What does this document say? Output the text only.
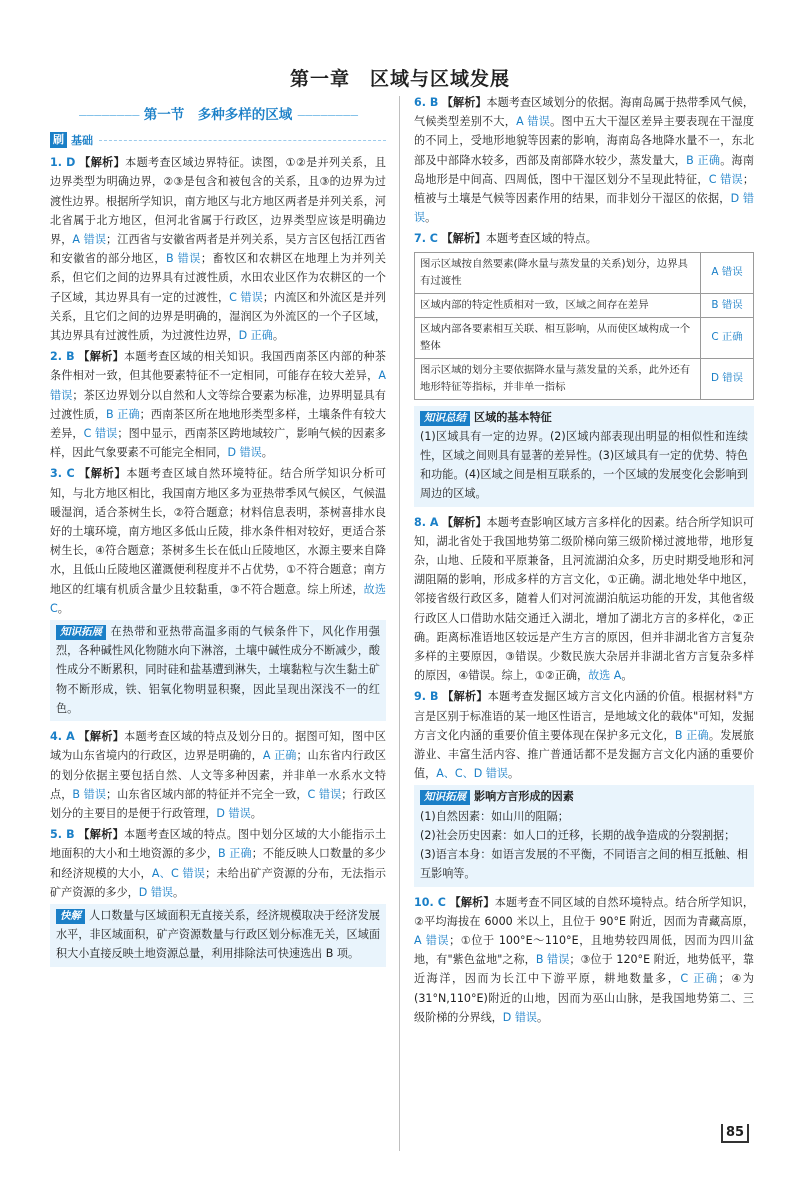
第一章　区域与区域发展
‒‒‒‒‒‒‒‒ 第一节　多种多样的区域 ‒‒‒‒‒‒‒‒
刷 基础

1. D 【解析】本题考查区域边界特征。读图，①②是并列关系，且边界类型为明确边界，②③是包含和被包含的关系，且③的边界为过渡性边界。根据所学知识，南方地区与北方地区两者是并列关系，河北省属于北方地区，但河北省属于行政区，边界类型应该是明确边界，A 错误；江西省与安徽省两者是并列关系，吴方言区包括江西省和安徽省的部分地区，B 错误；畜牧区和农耕区在地理上为并列关系，但它们之间的边界具有过渡性质，水田农业区作为农耕区的一个子区域，其边界具有一定的过渡性，C 错误；内流区和外流区是并列关系，且它们之间的边界是明确的，湿润区为外流区的一个子区域，其边界具有过渡性质，为过渡性边界，D 正确。

2. B 【解析】本题考查区域的相关知识。我国西南茶区内部的种茶条件相对一致，但其他要素特征不一定相同，可能存在较大差异，A 错误；茶区边界划分以自然和人文等综合要素为标准，边界明显具有过渡性质，B 正确；西南茶区所在地地形类型多样，土壤条件有较大差异，C 错误；图中显示，西南茶区跨地域较广，影响气候的因素多样，因此气象要素不可能完全相同，D 错误。

3. C 【解析】本题考查区域自然环境特征。结合所学知识分析可知，与北方地区相比，我国南方地区多为亚热带季风气候区，气候温暖湿润，适合茶树生长，②符合题意；材料信息表明，茶树喜排水良好的土壤环境，南方地区多低山丘陵，排水条件相对较好，更适合茶树生长，④符合题意；茶树多生长在低山丘陵地区，水源主要来自降水，且低山丘陵地区灌溉便利程度并不占优势，①不符合题意；南方地区的红壤有机质含量少且较黏重，③不符合题意。综上所述，故选 C。

知识拓展 在热带和亚热带高温多雨的气候条件下，风化作用强烈，各种碱性风化物随水向下淋溶，土壤中碱性成分不断减少，酸性成分不断累积，同时硅和盐基遭到淋失，土壤黏粒与次生黏土矿物不断形成，铁、铝氧化物明显积聚，因此呈现出深浅不一的红色。

4. A 【解析】本题考查区域的特点及划分日的。据图可知，图中区域为山东省境内的行政区，边界是明确的，A 正确；山东省内行政区的划分依据主要包括自然、人文等多种因素，并非单一水系水文特点，B 错误；山东省区域内部的特征并不完全一致，C 错误；行政区划分的主要目的是便于行政管理，D 错误。

5. B 【解析】本题考查区域的特点。图中划分区域的大小能指示土地面积的大小和土地资源的多少，B 正确；不能反映人口数量的多少和经济规模的大小，A、C 错误；未给出矿产资源的分布，无法指示矿产资源的多少，D 错误。

快解 人口数量与区域面积无直接关系，经济规模取决于经济发展水平，非区域面积，矿产资源数量与行政区划分标准无关，区域面积大小直接反映土地资源总量，利用排除法可快速选出 B 项。

6. B 【解析】本题考查区域划分的依据。海南岛属于热带季风气候，气候类型差别不大，A 错误。图中五大干湿区差异主要表现在干湿度的不同上，受地形地貌等因素的影响，海南岛各地降水量不一，东北部及中部降水较多，西部及南部降水较少，蒸发量大，B 正确。海南岛地形是中间高、四周低，图中干湿区划分不呈现此特征，C 错误；植被与土壤是气候等因素作用的结果，而非划分干湿区的依据，D 错误。

7. C 【解析】本题考查区域的特点。

图示区域按自然要素(降水量与蒸发量的关系)划分，边界具有过渡性	A 错误
区域内部的特定性质相对一致，区域之间存在差异	B 错误
区域内部各要素相互关联、相互影响，从而使区域构成一个整体	C 正确
图示区域的划分主要依据降水量与蒸发量的关系，此外还有地形特征等指标，并非单一指标	D 错误
知识总结 区域的基本特征
(1)区域具有一定的边界。(2)区域内部表现出明显的相似性和连续性，区域之间则具有显著的差异性。(3)区域具有一定的优势、特色和功能。(4)区域之间是相互联系的，一个区域的发展变化会影响到周边的区域。

8. A 【解析】本题考查影响区域方言多样化的因素。结合所学知识可知，湖北省处于我国地势第二级阶梯向第三级阶梯过渡地带，地形复杂，山地、丘陵和平原兼备，且河流湖泊众多，历史时期受地形和河湖阻隔的影响，形成多样的方言文化，①正确。湖北地处华中地区，邻接省级行政区多，随着人们对河流湖泊航运功能的开发，其他省级行政区人口借助水陆交通迁入湖北，增加了湖北方言的多样化，②正确。距离标准语地区较远是产生方言的原因，但并非湖北省方言复杂多样的主要原因，③错误。少数民族大杂居并非湖北省方言复杂多样的原因，④错误。综上，①②正确，故选 A。

9. B 【解析】本题考查发掘区域方言文化内涵的价值。根据材料"方言是区别于标准语的某一地区性语言，是地域文化的载体"可知，发掘方言文化内涵的重要价值主要体现在保护多元文化，B 正确。发展旅游业、丰富生活内容、推广普通话都不是发掘方言文化内涵的重要价值，A、C、D 错误。

知识拓展 影响方言形成的因素

(1)自然因素：如山川的阻隔；

(2)社会历史因素：如人口的迁移，长期的战争造成的分裂割据；

(3)语言本身：如语言发展的不平衡，不同语言之间的相互抵触、相互影响等。

10. C 【解析】本题考查不同区域的自然环境特点。结合所学知识，②平均海拔在 6000 米以上，且位于 90°E 附近，因而为青藏高原，A 错误；①位于 100°E～110°E，且地势较四周低，因而为四川盆地，有"紫色盆地"之称，B 错误；③位于 120°E 附近，地势低平，靠近海洋，因而为长江中下游平原，耕地数量多，C 正确；④为(31°N,110°E)附近的山地，因而为巫山山脉，是我国地势第二、三级阶梯的分界线，D 错误。

85
